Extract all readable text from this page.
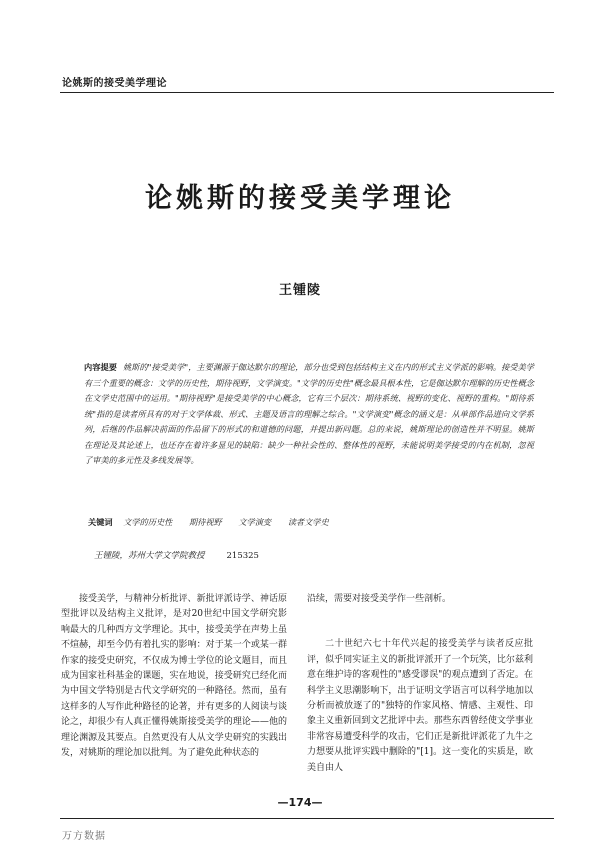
论姚斯的接受美学理论
论姚斯的接受美学理论
王锺陵
内容提要 姚斯的"接受美学"，主要渊源于伽达默尔的理论，部分也受到包括结构主义在内的形式主义学派的影响。接受美学有三个重要的概念：文学的历史性，期待视野，文学演变。"文学的历史性"概念最具根本性，它是伽达默尔理解的历史性概念在文学史范围中的运用。"期待视野"是接受美学的中心概念，它有三个层次：期待系统、视野的变化、视野的重构。"期待系统"指的是读者所具有的对于文学体裁、形式、主题及语言的理解之综合。"文学演变"概念的涵义是：从单部作品进向文学系列，后继的作品解决前面的作品留下的形式的和道德的问题，并提出新问题。总的来说，姚斯理论的创造性并不明显。姚斯在理论及其论述上，也还存在着许多显见的缺陷：缺少一种社会性的、整体性的视野，未能说明美学接受的内在机制，忽视了审美的多元性及多线发展等。
关键词 文学的历史性 期待视野 文学演变 读者文学史
王锺陵，苏州大学文学院教授	215325

接受美学，与精神分析批评、新批评派诗学、神话原型批评以及结构主义批评，是对20世纪中国文学研究影响最大的几种西方文学理论。其中，接受美学在声势上虽不煊赫，却至今仍有着扎实的影响：对于某一个或某一群作家的接受史研究，不仅成为博士学位的论文题目，而且成为国家社科基金的课题，实在地说，接受研究已经化而为中国文学特别是古代文学研究的一种路径。然而，虽有这样多的人写作此种路径的论著，并有更多的人阅读与谈论之，却很少有人真正懂得姚斯接受美学的理论——他的理论渊源及其要点。自然更没有人从文学史研究的实践出发，对姚斯的理论加以批判。为了避免此种状态的

沿续，需要对接受美学作一些剖析。

二十世纪六七十年代兴起的接受美学与读者反应批评，似乎同实证主义的新批评派开了一个玩笑，比尔兹利意在维护诗的客观性的"感受谬误"的观点遭到了否定。在科学主义思潮影响下，出于证明文学语言可以科学地加以分析而被放逐了的"独特的作家风格、情感、主观性、印象主义重新回到文艺批评中去。那些东西曾经使文学事业非常容易遭受科学的攻击，它们正是新批评派花了九牛之力想要从批评实践中删除的"[1]。这一变化的实质是，欧美自由人

—174—
万方数据
